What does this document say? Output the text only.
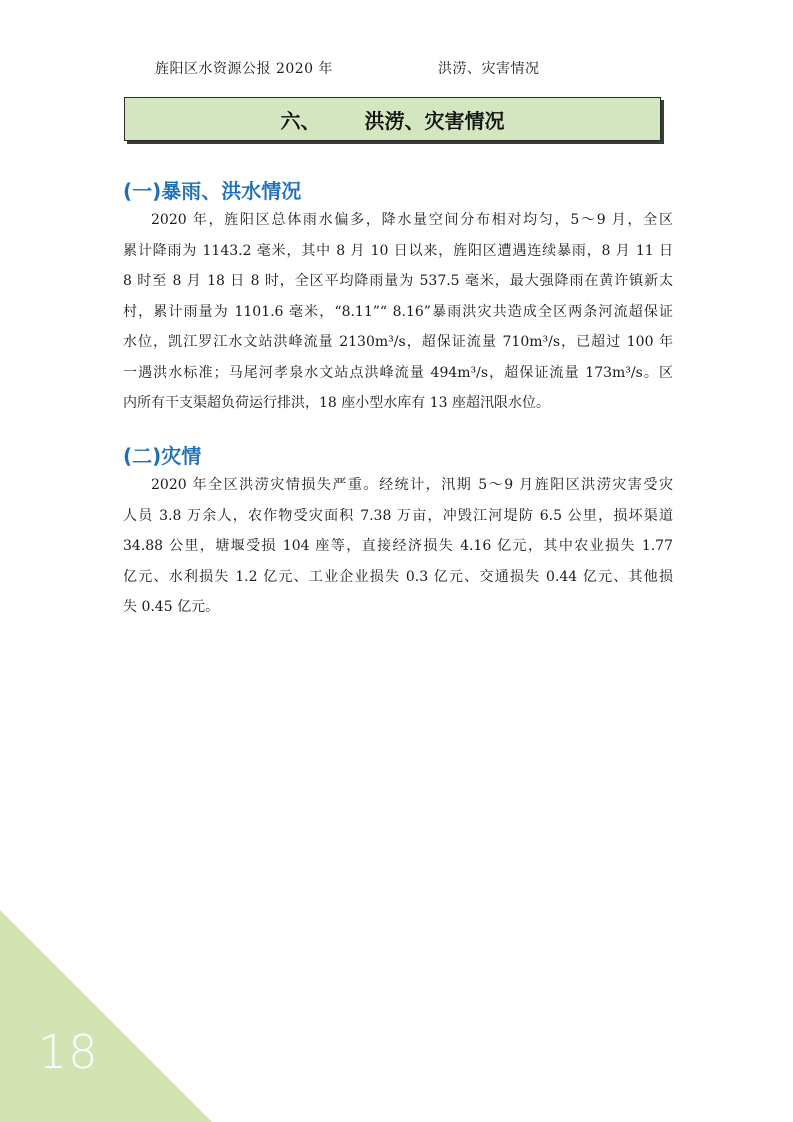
旌阳区水资源公报 2020 年	洪涝、灾害情况
六、 洪涝、灾害情况
(一)暴雨、洪水情况
2020 年，旌阳区总体雨水偏多，降水量空间分布相对均匀，5～9 月，全区
累计降雨为 1143.2 毫米，其中 8 月 10 日以来，旌阳区遭遇连续暴雨，8 月 11 日
8 时至 8 月 18 日 8 时，全区平均降雨量为 537.5 毫米，最大强降雨在黄许镇新太
村，累计雨量为 1101.6 毫米，“8.11”“ 8.16”暴雨洪灾共造成全区两条河流超保证
水位，凯江罗江水文站洪峰流量 2130m³/s，超保证流量 710m³/s，已超过 100 年
一遇洪水标准；马尾河孝泉水文站点洪峰流量 494m³/s，超保证流量 173m³/s。区
内所有干支渠超负荷运行排洪，18 座小型水库有 13 座超汛限水位。
(二)灾情
2020 年全区洪涝灾情损失严重。经统计，汛期 5～9 月旌阳区洪涝灾害受灾
人员 3.8 万余人，农作物受灾面积 7.38 万亩，冲毁江河堤防 6.5 公里，损坏渠道
34.88 公里，塘堰受损 104 座等，直接经济损失 4.16 亿元，其中农业损失 1.77
亿元、水利损失 1.2 亿元、工业企业损失 0.3 亿元、交通损失 0.44 亿元、其他损
失 0.45 亿元。
18
